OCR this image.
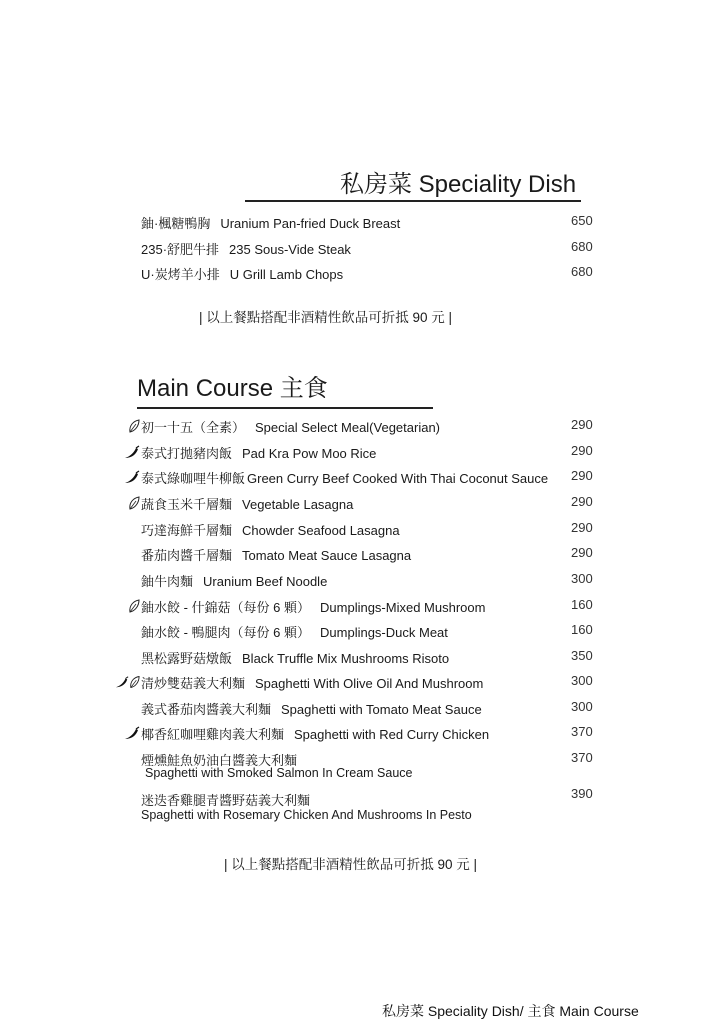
私房菜 Speciality Dish
鈾·楓糖鴨胸 Uranium Pan-fried Duck Breast	650
235·舒肥牛排 235 Sous-Vide Steak	680
U·炭烤羊小排 U Grill Lamb Chops	680
| 以上餐點搭配非酒精性飲品可折抵 90 元 |
Main Course 主食
初一十五（全素） Special Select Meal(Vegetarian)	290
泰式打拋豬肉飯 Pad Kra Pow Moo Rice	290
泰式綠咖哩牛柳飯 Green Curry Beef Cooked With Thai Coconut Sauce 290
蔬食玉米千層麵 Vegetable Lasagna	290
巧達海鮮千層麵 Chowder Seafood Lasagna	290
番茄肉醬千層麵 Tomato Meat Sauce Lasagna	290
鈾牛肉麵 Uranium Beef Noodle	300
鈾水餃 - 什錦菇（每份 6 顆） Dumplings-Mixed Mushroom	160
鈾水餃 - 鴨腿肉（每份 6 顆） Dumplings-Duck Meat	160
黑松露野菇燉飯 Black Truffle Mix Mushrooms Risoto	350
清炒雙菇義大利麵 Spaghetti With Olive Oil And Mushroom	300
義式番茄肉醬義大利麵 Spaghetti with Tomato Meat Sauce	300
椰香紅咖哩雞肉義大利麵 Spaghetti with Red Curry Chicken	370
煙燻鮭魚奶油白醬義大利麵
Spaghetti with Smoked Salmon In Cream Sauce
370
迷迭香雞腿青醬野菇義大利麵
Spaghetti with Rosemary Chicken And Mushrooms In Pesto
390
| 以上餐點搭配非酒精性飲品可折抵 90 元 |
私房菜 Speciality Dish/ 主食 Main Course
